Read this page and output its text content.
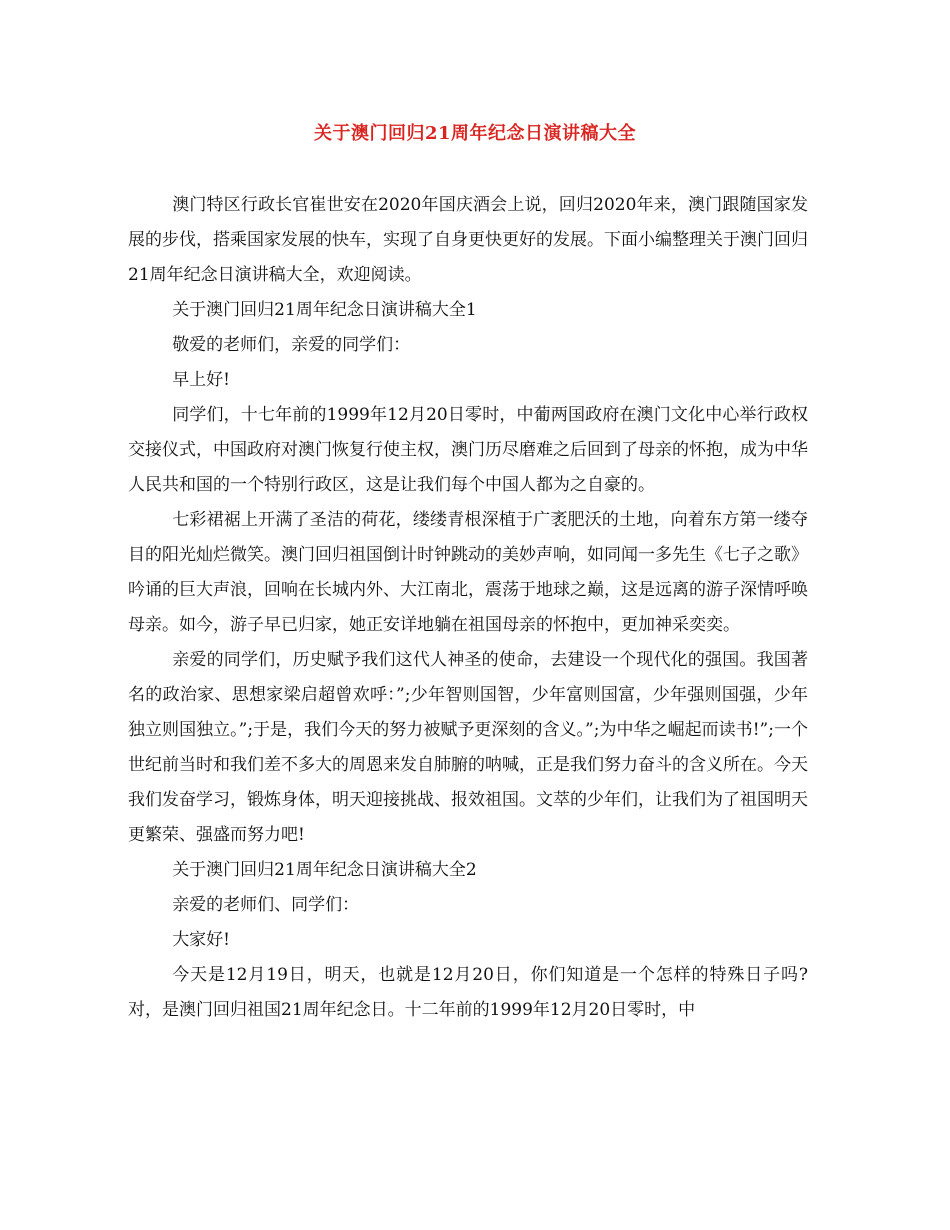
关于澳门回归21周年纪念日演讲稿大全

澳门特区行政长官崔世安在2020年国庆酒会上说，回归2020年来，澳门跟随国家发展的步伐，搭乘国家发展的快车，实现了自身更快更好的发展。下面小编整理关于澳门回归21周年纪念日演讲稿大全，欢迎阅读。

关于澳门回归21周年纪念日演讲稿大全1

敬爱的老师们，亲爱的同学们：

早上好!

同学们，十七年前的1999年12月20日零时，中葡两国政府在澳门文化中心举行政权交接仪式，中国政府对澳门恢复行使主权，澳门历尽磨难之后回到了母亲的怀抱，成为中华人民共和国的一个特别行政区，这是让我们每个中国人都为之自豪的。

七彩裙裾上开满了圣洁的荷花，缕缕青根深植于广袤肥沃的土地，向着东方第一缕夺目的阳光灿烂微笑。澳门回归祖国倒计时钟跳动的美妙声响，如同闻一多先生《七子之歌》吟诵的巨大声浪，回响在长城内外、大江南北，震荡于地球之巅，这是远离的游子深情呼唤母亲。如今，游子早已归家，她正安详地躺在祖国母亲的怀抱中，更加神采奕奕。

亲爱的同学们，历史赋予我们这代人神圣的使命，去建设一个现代化的强国。我国著名的政治家、思想家梁启超曾欢呼：”;少年智则国智，少年富则国富，少年强则国强，少年独立则国独立。”;于是，我们今天的努力被赋予更深刻的含义。”;为中华之崛起而读书!”;一个世纪前当时和我们差不多大的周恩来发自肺腑的呐喊，正是我们努力奋斗的含义所在。今天我们发奋学习，锻炼身体，明天迎接挑战、报效祖国。文萃的少年们，让我们为了祖国明天更繁荣、强盛而努力吧!

关于澳门回归21周年纪念日演讲稿大全2

亲爱的老师们、同学们：

大家好!

今天是12月19日，明天，也就是12月20日，你们知道是一个怎样的特殊日子吗?对，是澳门回归祖国21周年纪念日。十二年前的1999年12月20日零时，中
